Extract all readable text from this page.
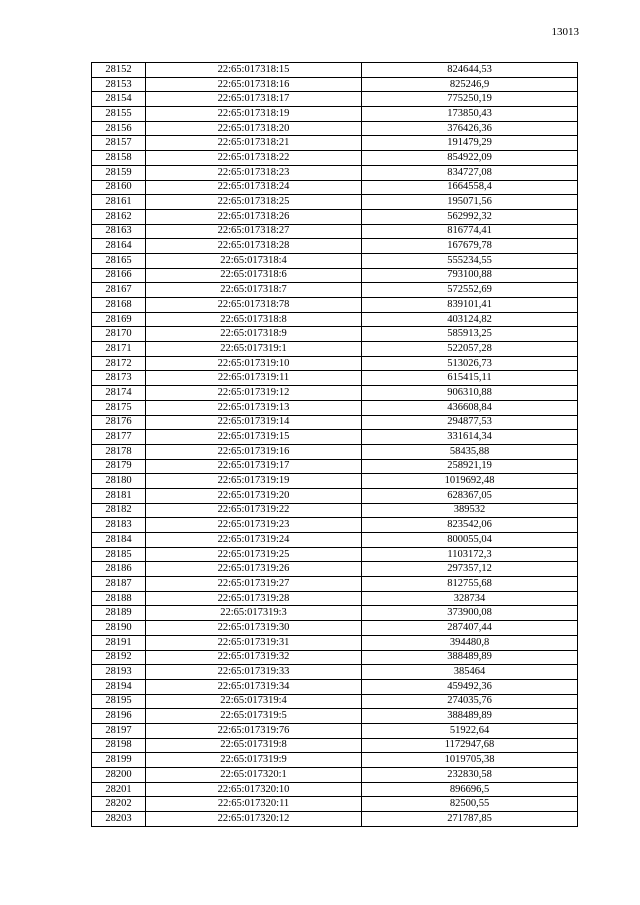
13013
28152	22:65:017318:15	824644,53
28153	22:65:017318:16	825246,9
28154	22:65:017318:17	775250,19
28155	22:65:017318:19	173850,43
28156	22:65:017318:20	376426,36
28157	22:65:017318:21	191479,29
28158	22:65:017318:22	854922,09
28159	22:65:017318:23	834727,08
28160	22:65:017318:24	1664558,4
28161	22:65:017318:25	195071,56
28162	22:65:017318:26	562992,32
28163	22:65:017318:27	816774,41
28164	22:65:017318:28	167679,78
28165	22:65:017318:4	555234,55
28166	22:65:017318:6	793100,88
28167	22:65:017318:7	572552,69
28168	22:65:017318:78	839101,41
28169	22:65:017318:8	403124,82
28170	22:65:017318:9	585913,25
28171	22:65:017319:1	522057,28
28172	22:65:017319:10	513026,73
28173	22:65:017319:11	615415,11
28174	22:65:017319:12	906310,88
28175	22:65:017319:13	436608,84
28176	22:65:017319:14	294877,53
28177	22:65:017319:15	331614,34
28178	22:65:017319:16	58435,88
28179	22:65:017319:17	258921,19
28180	22:65:017319:19	1019692,48
28181	22:65:017319:20	628367,05
28182	22:65:017319:22	389532
28183	22:65:017319:23	823542,06
28184	22:65:017319:24	800055,04
28185	22:65:017319:25	1103172,3
28186	22:65:017319:26	297357,12
28187	22:65:017319:27	812755,68
28188	22:65:017319:28	328734
28189	22:65:017319:3	373900,08
28190	22:65:017319:30	287407,44
28191	22:65:017319:31	394480,8
28192	22:65:017319:32	388489,89
28193	22:65:017319:33	385464
28194	22:65:017319:34	459492,36
28195	22:65:017319:4	274035,76
28196	22:65:017319:5	388489,89
28197	22:65:017319:76	51922,64
28198	22:65:017319:8	1172947,68
28199	22:65:017319:9	1019705,38
28200	22:65:017320:1	232830,58
28201	22:65:017320:10	896696,5
28202	22:65:017320:11	82500,55
28203	22:65:017320:12	271787,85
